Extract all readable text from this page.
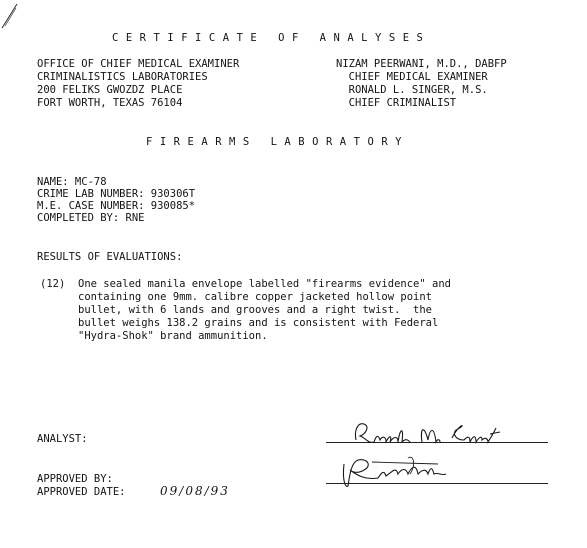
C E R T I F I C A T E   O F   A N A L Y S E S
OFFICE OF CHIEF MEDICAL EXAMINER
CRIMINALISTICS LABORATORIES
200 FELIKS GWOZDZ PLACE
FORT WORTH, TEXAS 76104
NIZAM PEERWANI, M.D., DABFP
CHIEF MEDICAL EXAMINER
RONALD L. SINGER, M.S.
CHIEF CRIMINALIST
F I R E A R M S   L A B O R A T O R Y
NAME: MC-78
CRIME LAB NUMBER: 930306T
M.E. CASE NUMBER: 930085*
COMPLETED BY: RNE
RESULTS OF EVALUATIONS:
(12) One sealed manila envelope labelled "firearms evidence" and
containing one 9mm. calibre copper jacketed hollow point
bullet, with 6 lands and grooves and a right twist.  the
bullet weighs 138.2 grains and is consistent with Federal
"Hydra-Shok" brand ammunition.
ANALYST:
APPROVED BY:
APPROVED DATE:	09/08/93
